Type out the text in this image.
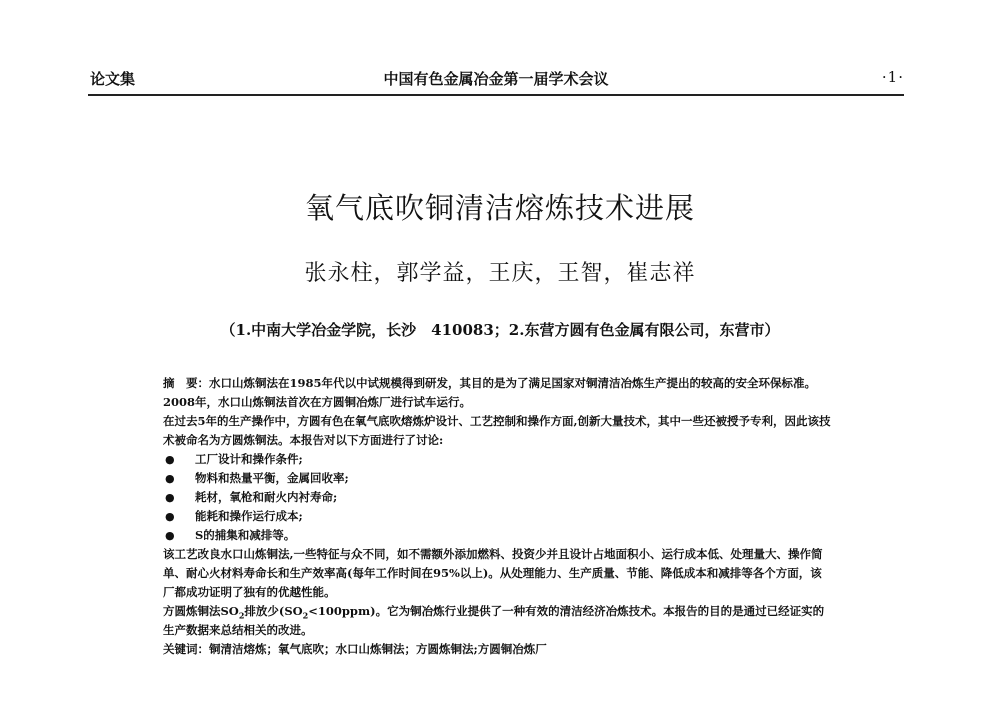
论文集	中国有色金属冶金第一届学术会议	·1·
氧气底吹铜清洁熔炼技术进展
张永柱，郭学益，王庆，王智，崔志祥
（1.中南大学冶金学院，长沙　410083；2.东营方圆有色金属有限公司，东营市）

摘　要：水口山炼铜法在1985年代以中试规模得到研发，其目的是为了满足国家对铜清洁冶炼生产提出的较高的安全环保标准。2008年，水口山炼铜法首次在方圆铜冶炼厂进行试车运行。

在过去5年的生产操作中，方圆有色在氧气底吹熔炼炉设计、工艺控制和操作方面,创新大量技术，其中一些还被授予专利，因此该技术被命名为方圆炼铜法。本报告对以下方面进行了讨论:

● 工厂设计和操作条件;
● 物料和热量平衡，金属回收率;
● 耗材，氧枪和耐火内衬寿命;
● 能耗和操作运行成本;
● S的捕集和减排等。

该工艺改良水口山炼铜法,一些特征与众不同，如不需额外添加燃料、投资少并且设计占地面积小、运行成本低、处理量大、操作简单、耐心火材料寿命长和生产效率高(每年工作时间在95%以上)。从处理能力、生产质量、节能、降低成本和减排等各个方面，该厂都成功证明了独有的优越性能。

方圆炼铜法$SO_2$排放少$(SO_2<100ppm)$。它为铜冶炼行业提供了一种有效的清洁经济冶炼技术。本报告的目的是通过已经证实的生产数据来总结相关的改进。

关键词：铜清洁熔炼；氧气底吹；水口山炼铜法；方圆炼铜法;方圆铜冶炼厂
